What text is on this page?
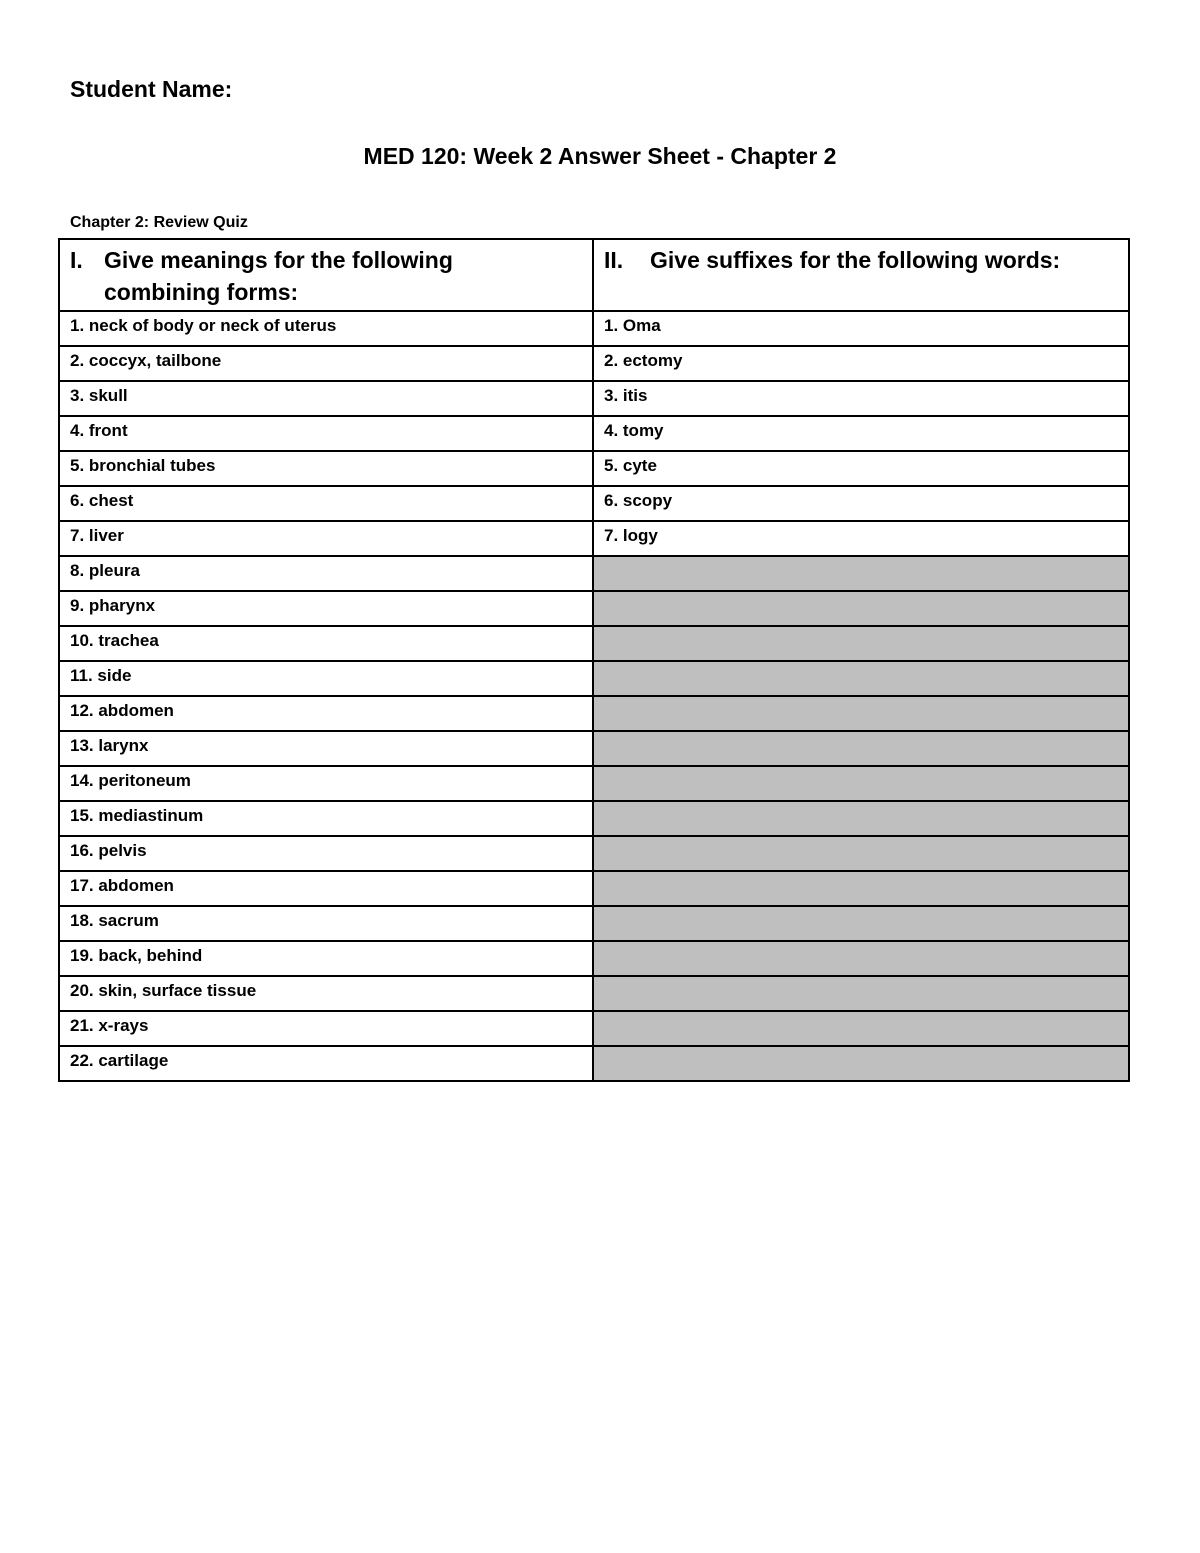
Student Name:
MED 120: Week 2 Answer Sheet - Chapter 2
Chapter 2: Review Quiz
I. Give meanings for the following combining forms:	II. Give suffixes for the following words:
1. neck of body or neck of uterus	1. Oma
2. coccyx, tailbone	2. ectomy
3. skull	3. itis
4. front	4. tomy
5. bronchial tubes	5. cyte
6. chest	6. scopy
7. liver	7. logy
8. pleura	
9. pharynx	
10. trachea	
11. side	
12. abdomen	
13. larynx	
14. peritoneum	
15. mediastinum	
16. pelvis	
17. abdomen	
18. sacrum	
19. back, behind	
20. skin, surface tissue	
21. x-rays	
22. cartilage	
